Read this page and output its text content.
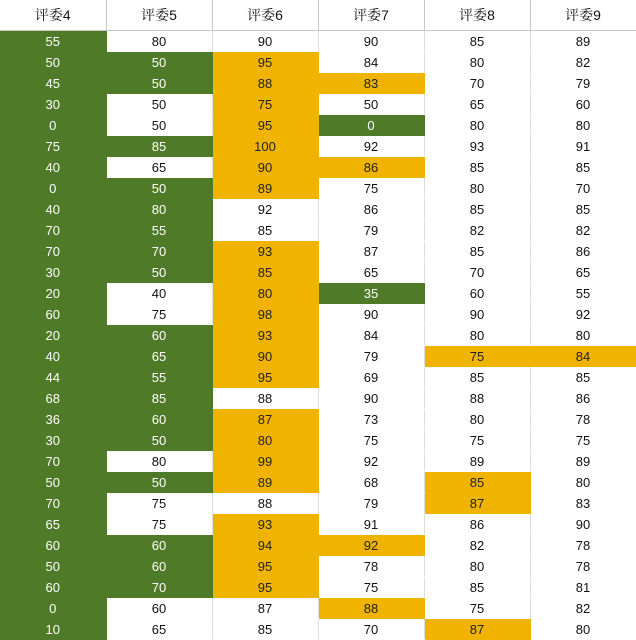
评委4	评委5	评委6	评委7	评委8	评委9
55	80	90	90	85	89
50	50	95	84	80	82
45	50	88	83	70	79
30	50	75	50	65	60
0	50	95	0	80	80
75	85	100	92	93	91
40	65	90	86	85	85
0	50	89	75	80	70
40	80	92	86	85	85
70	55	85	79	82	82
70	70	93	87	85	86
30	50	85	65	70	65
20	40	80	35	60	55
60	75	98	90	90	92
20	60	93	84	80	80
40	65	90	79	75	84
44	55	95	69	85	85
68	85	88	90	88	86
36	60	87	73	80	78
30	50	80	75	75	75
70	80	99	92	89	89
50	50	89	68	85	80
70	75	88	79	87	83
65	75	93	91	86	90
60	60	94	92	82	78
50	60	95	78	80	78
60	70	95	75	85	81
0	60	87	88	75	82
10	65	85	70	87	80
